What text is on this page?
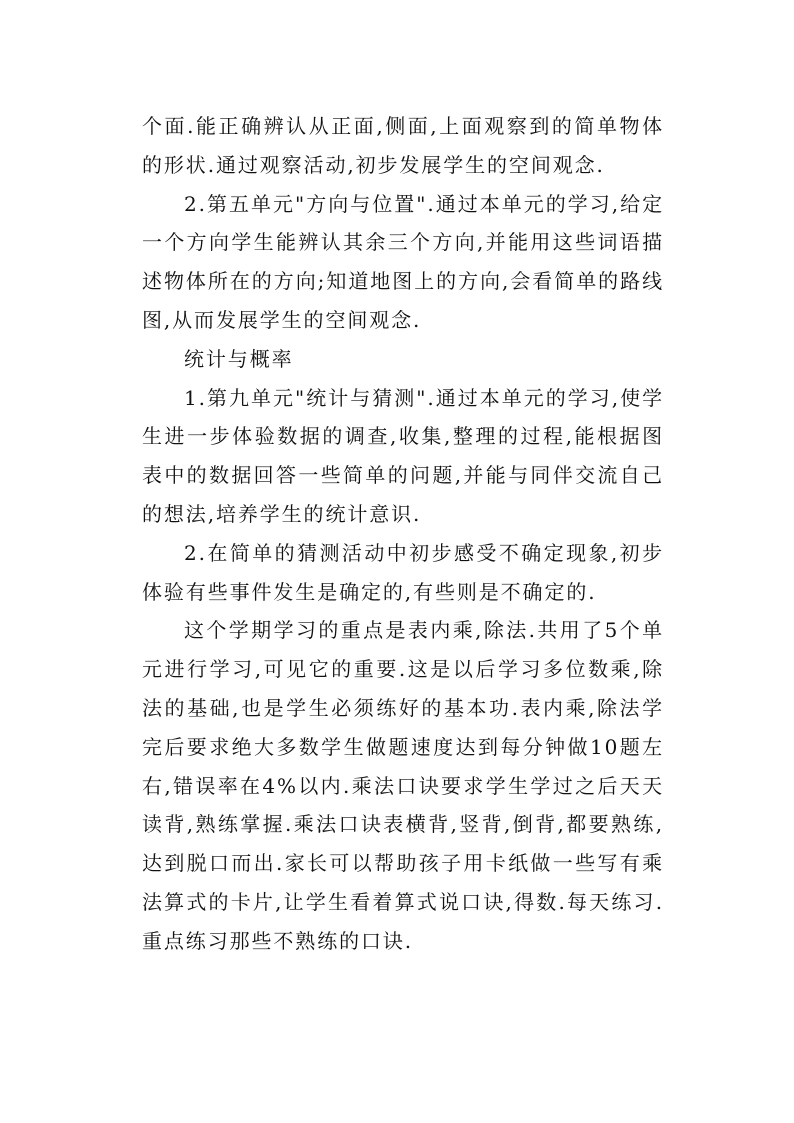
个面.能正确辨认从正面,侧面,上面观察到的简单物体的形状.通过观察活动,初步发展学生的空间观念.

2.第五单元"方向与位置".通过本单元的学习,给定一个方向学生能辨认其余三个方向,并能用这些词语描述物体所在的方向;知道地图上的方向,会看简单的路线图,从而发展学生的空间观念.

统计与概率

1.第九单元"统计与猜测".通过本单元的学习,使学生进一步体验数据的调查,收集,整理的过程,能根据图表中的数据回答一些简单的问题,并能与同伴交流自己的想法,培养学生的统计意识.

2.在简单的猜测活动中初步感受不确定现象,初步体验有些事件发生是确定的,有些则是不确定的.

这个学期学习的重点是表内乘,除法.共用了5个单元进行学习,可见它的重要.这是以后学习多位数乘,除法的基础,也是学生必须练好的基本功.表内乘,除法学完后要求绝大多数学生做题速度达到每分钟做10题左右,错误率在4%以内.乘法口诀要求学生学过之后天天读背,熟练掌握.乘法口诀表横背,竖背,倒背,都要熟练,达到脱口而出.家长可以帮助孩子用卡纸做一些写有乘法算式的卡片,让学生看着算式说口诀,得数.每天练习.重点练习那些不熟练的口诀.
